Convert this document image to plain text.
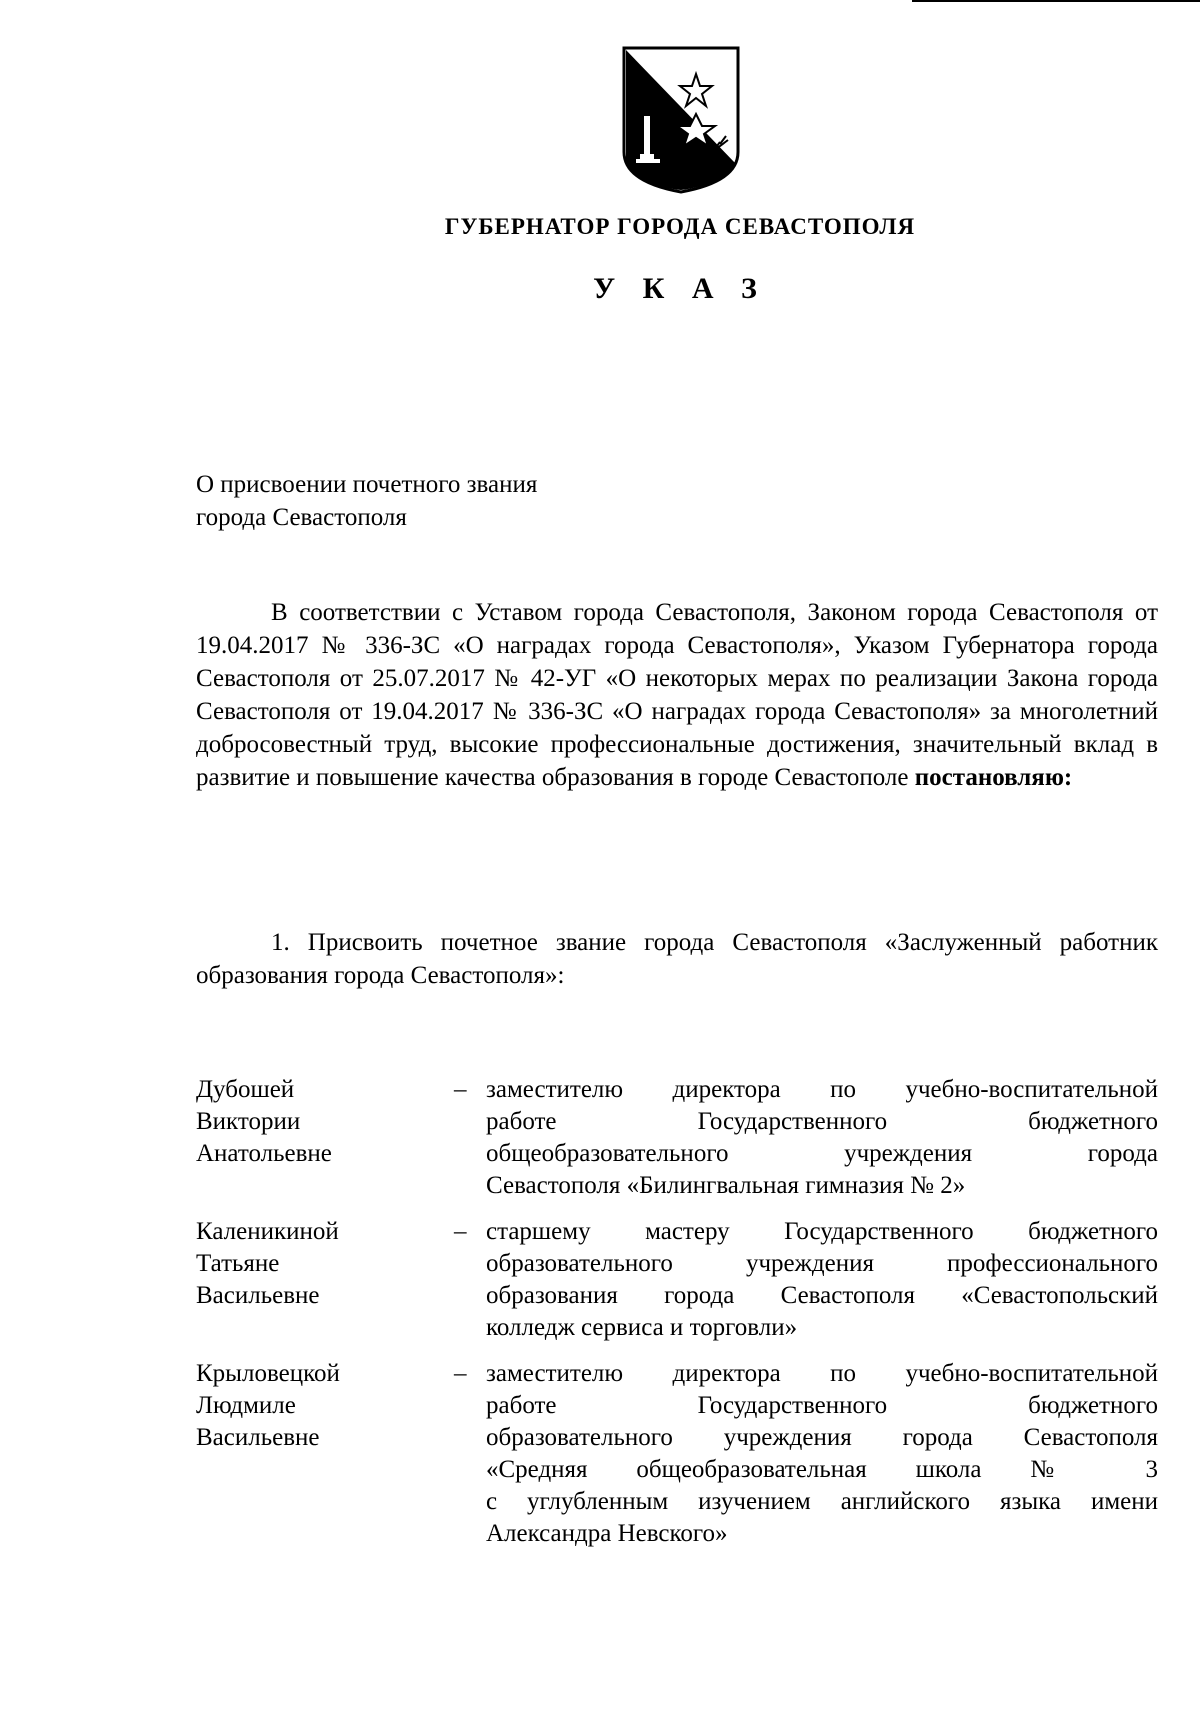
ГУБЕРНАТОР ГОРОДА СЕВАСТОПОЛЯ
У К А З
О присвоении почетного звания
города Севастополя
В соответствии с Уставом города Севастополя, Законом города Севастополя от 19.04.2017 № 336-ЗС «О наградах города Севастополя», Указом Губернатора города Севастополя от 25.07.2017 № 42-УГ «О некоторых мерах по реализации Закона города Севастополя от 19.04.2017 № 336-ЗС «О наградах города Севастополя» за многолетний добросовестный труд, высокие профессиональные достижения, значительный вклад в развитие и повышение качества образования в городе Севастополе постановляю:
1. Присвоить почетное звание города Севастополя «Заслуженный работник образования города Севастополя»:
Дубошей
Виктории
Анатольевне
– заместителю директора по учебно-воспитательной
работе Государственного бюджетного
общеобразовательного учреждения города
Севастополя «Билингвальная гимназия № 2»
Каленикиной
Татьяне
Васильевне
– старшему мастеру Государственного бюджетного
образовательного учреждения профессионального
образования города Севастополя «Севастопольский
колледж сервиса и торговли»
Крыловецкой
Людмиле
Васильевне
– заместителю директора по учебно-воспитательной
работе Государственного бюджетного
образовательного учреждения города Севастополя
«Средняя общеобразовательная школа № 3
с углубленным изучением английского языка имени
Александра Невского»
